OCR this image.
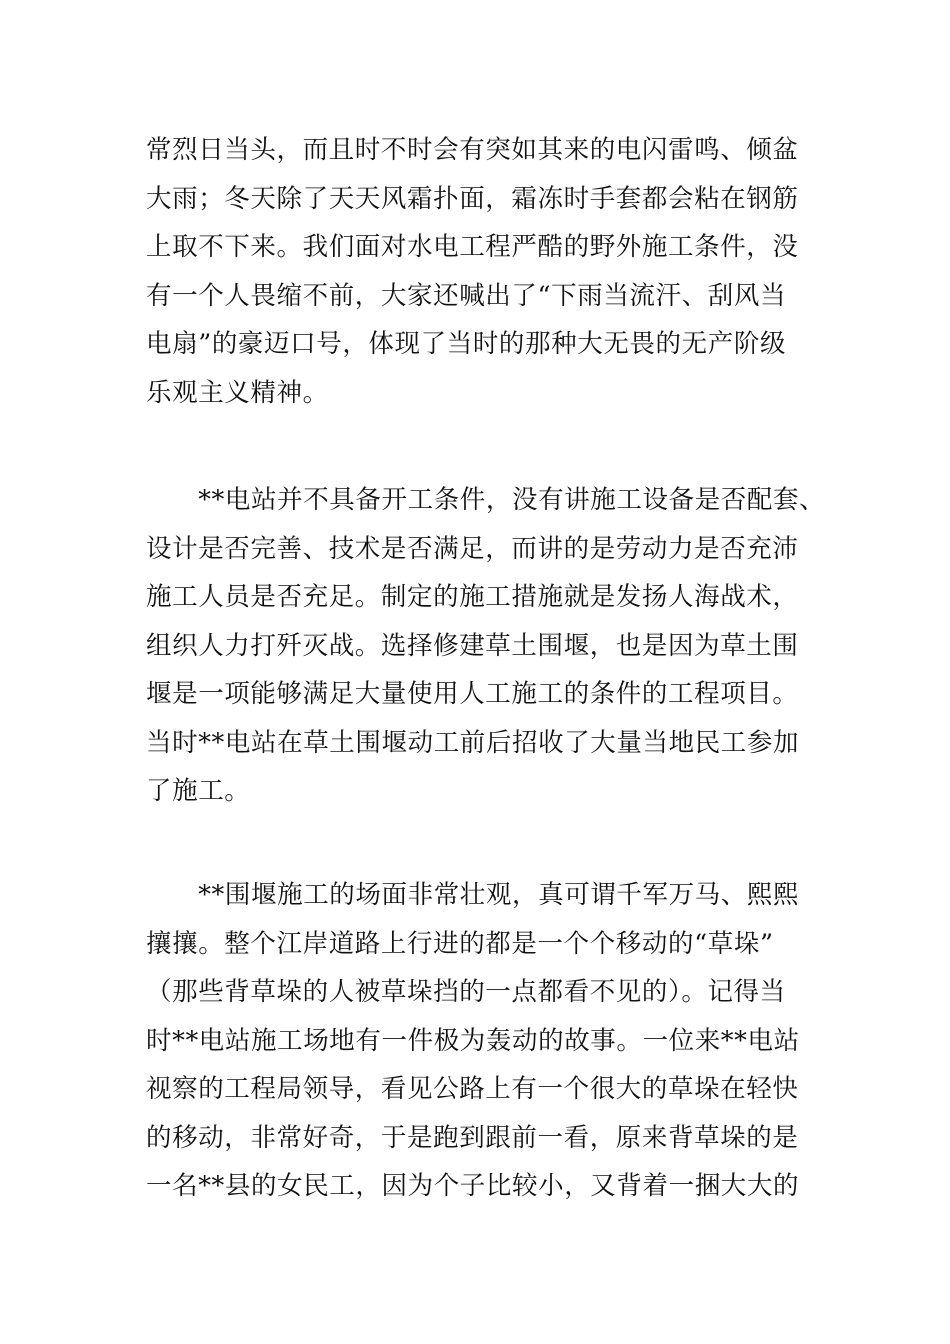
常烈日当头，而且时不时会有突如其来的电闪雷鸣、倾盆
大雨；冬天除了天天风霜扑面，霜冻时手套都会粘在钢筋
上取不下来。我们面对水电工程严酷的野外施工条件，没
有一个人畏缩不前，大家还喊出了“下雨当流汗、刮风当
电扇”的豪迈口号，体现了当时的那种大无畏的无产阶级
乐观主义精神。
　　**电站并不具备开工条件，没有讲施工设备是否配套、
设计是否完善、技术是否满足，而讲的是劳动力是否充沛
施工人员是否充足。制定的施工措施就是发扬人海战术，
组织人力打歼灭战。选择修建草土围堰，也是因为草土围
堰是一项能够满足大量使用人工施工的条件的工程项目。
当时**电站在草土围堰动工前后招收了大量当地民工参加
了施工。
　　**围堰施工的场面非常壮观，真可谓千军万马、熙熙
攘攘。整个江岸道路上行进的都是一个个移动的“草垛”
（那些背草垛的人被草垛挡的一点都看不见的）。记得当
时**电站施工场地有一件极为轰动的故事。一位来**电站
视察的工程局领导，看见公路上有一个很大的草垛在轻快
的移动，非常好奇，于是跑到跟前一看，原来背草垛的是
一名**县的女民工，因为个子比较小，又背着一捆大大的
